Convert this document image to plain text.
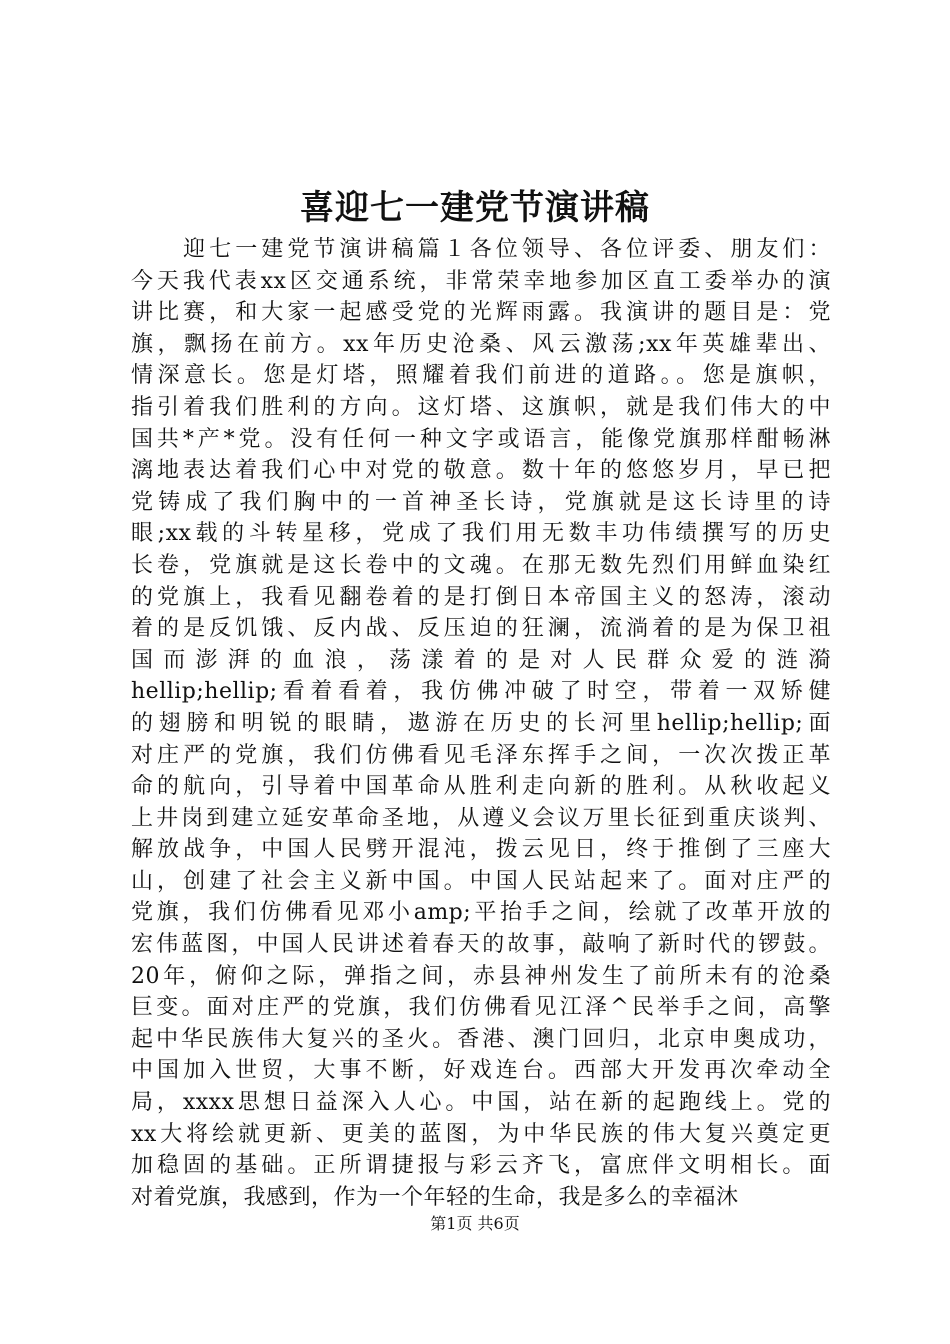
喜迎七一建党节演讲稿
　　迎七一建党节演讲稿篇１各位领导、各位评委、朋友们：
今天我代表xx区交通系统，非常荣幸地参加区直工委举办的演
讲比赛，和大家一起感受党的光辉雨露。我演讲的题目是：党
旗，飘扬在前方。xx年历史沧桑、风云激荡;xx年英雄辈出、
情深意长。您是灯塔，照耀着我们前进的道路。。您是旗帜，
指引着我们胜利的方向。这灯塔、这旗帜，就是我们伟大的中
国共*产*党。没有任何一种文字或语言，能像党旗那样酣畅淋
漓地表达着我们心中对党的敬意。数十年的悠悠岁月，早已把
党铸成了我们胸中的一首神圣长诗，党旗就是这长诗里的诗
眼;xx载的斗转星移，党成了我们用无数丰功伟绩撰写的历史
长卷，党旗就是这长卷中的文魂。在那无数先烈们用鲜血染红
的党旗上，我看见翻卷着的是打倒日本帝国主义的怒涛，滚动
着的是反饥饿、反内战、反压迫的狂澜，流淌着的是为保卫祖
国而澎湃的血浪，荡漾着的是对人民群众爱的涟漪
hellip;hellip;看着看着，我仿佛冲破了时空，带着一双矫健
的翅膀和明锐的眼睛，遨游在历史的长河里hellip;hellip;面
对庄严的党旗，我们仿佛看见毛泽东挥手之间，一次次拨正革
命的航向，引导着中国革命从胜利走向新的胜利。从秋收起义
上井岗到建立延安革命圣地，从遵义会议万里长征到重庆谈判、
解放战争，中国人民劈开混沌，拨云见日，终于推倒了三座大
山，创建了社会主义新中国。中国人民站起来了。面对庄严的
党旗，我们仿佛看见邓小amp;平抬手之间，绘就了改革开放的
宏伟蓝图，中国人民讲述着春天的故事，敲响了新时代的锣鼓。
20年，俯仰之际，弹指之间，赤县神州发生了前所未有的沧桑
巨变。面对庄严的党旗，我们仿佛看见江泽^民举手之间，高擎
起中华民族伟大复兴的圣火。香港、澳门回归，北京申奥成功，
中国加入世贸，大事不断，好戏连台。西部大开发再次牵动全
局，xxxx思想日益深入人心。中国，站在新的起跑线上。党的
xx大将绘就更新、更美的蓝图，为中华民族的伟大复兴奠定更
加稳固的基础。正所谓捷报与彩云齐飞，富庶伴文明相长。面
对着党旗，我感到，作为一个年轻的生命，我是多么的幸福沐
第1页 共6页
